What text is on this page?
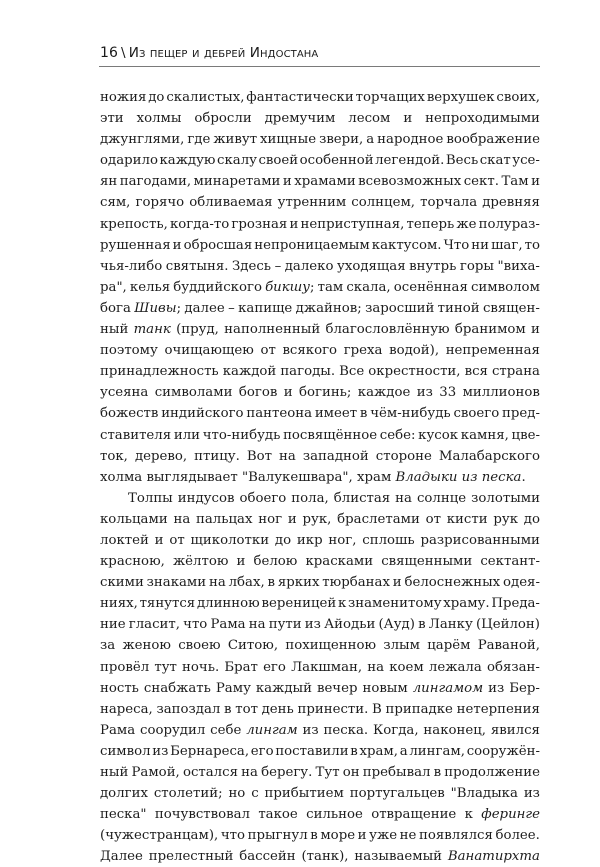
16 \ Из пещер и дебрей Индостана
ножия до скалистых, фантастически торчащих верхушек своих,
эти холмы обросли дремучим лесом и непроходимыми
джунглями, где живут хищные звери, а народное воображение
одарило каждую скалу своей особенной легендой. Весь скат усе-
ян пагодами, минаретами и храмами всевозможных сект. Там и
сям, горячо обливаемая утренним солнцем, торчала древняя
крепость, когда-то грозная и неприступная, теперь же полураз-
рушенная и обросшая непроницаемым кактусом. Что ни шаг, то
чья-либо святыня. Здесь – далеко уходящая внутрь горы "виха-
ра", келья буддийского бикшу; там скала, осенённая символом
бога Шивы; далее – капище джайнов; заросший тиной священ-
ный танк (пруд, наполненный благословлённую бранимом и
поэтому очищающею от всякого греха водой), непременная
принадлежность каждой пагоды. Все окрестности, вся страна
усеяна символами богов и богинь; каждое из 33 миллионов
божеств индийского пантеона имеет в чём-нибудь своего пред-
ставителя или что-нибудь посвящённое себе: кусок камня, цве-
ток, дерево, птицу. Вот на западной стороне Малабарского
холма выглядывает "Валукешвара", храм Владыки из песка.
Толпы индусов обоего пола, блистая на солнце золотыми
кольцами на пальцах ног и рук, браслетами от кисти рук до
локтей и от щиколотки до икр ног, сплошь разрисованными
красною, жёлтою и белою красками священными сектант-
скими знаками на лбах, в ярких тюрбанах и белоснежных одея-
ниях, тянутся длинною вереницей к знаменитому храму. Преда-
ние гласит, что Рама на пути из Айодьи (Ауд) в Ланку (Цейлон)
за женою своею Ситою, похищенною злым царём Раваной,
провёл тут ночь. Брат его Лакшман, на коем лежала обязан-
ность снабжать Раму каждый вечер новым лингамом из Бер-
нареса, запоздал в тот день принести. В припадке нетерпения
Рама соорудил себе лингам из песка. Когда, наконец, явился
символ из Бернареса, его поставили в храм, а лингам, сооружён-
ный Рамой, остался на берегу. Тут он пребывал в продолжение
долгих столетий; но с прибытием португальцев "Владыка из
песка" почувствовал такое сильное отвращение к ферингe
(чужестранцам), что прыгнул в море и уже не появлялся более.
Далее прелестный бассейн (танк), называемый Ванатирхта
